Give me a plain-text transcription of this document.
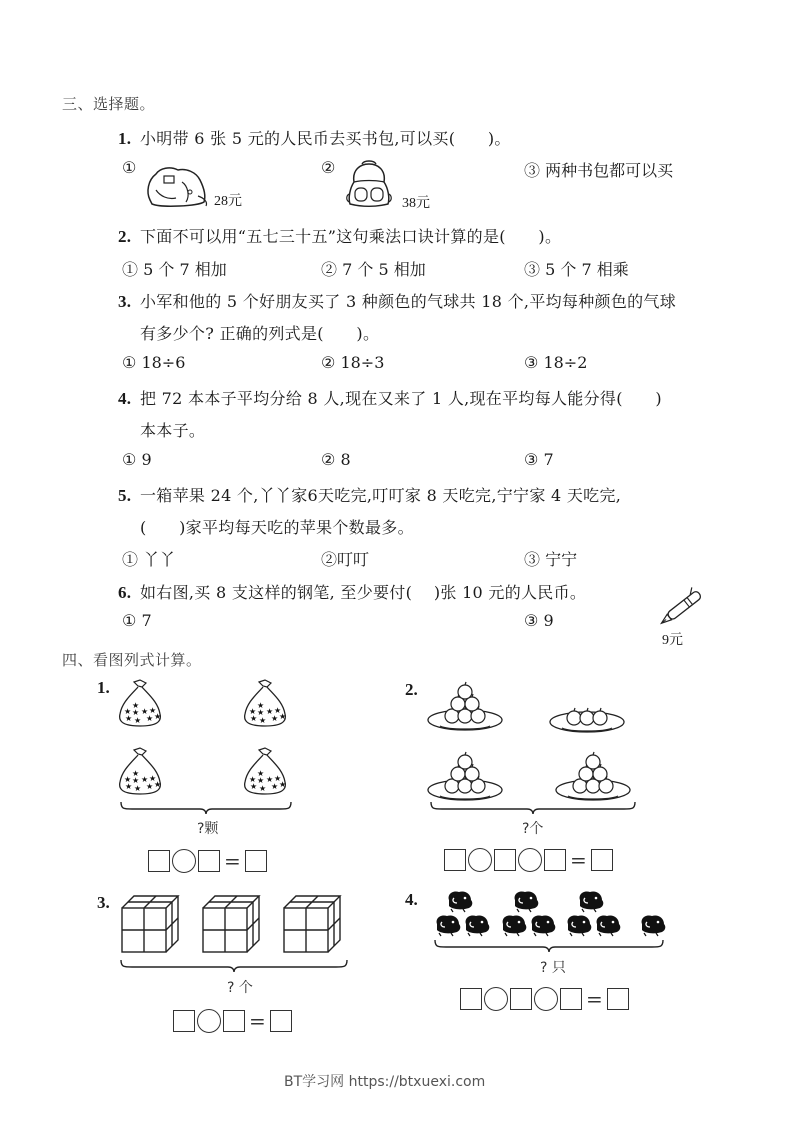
三、选择题。
1. 小明带 6 张 5 元的人民币去买书包,可以买(　　)。
①
28元
②
38元
③ 两种书包都可以买
2. 下面不可以用“五七三十五”这句乘法口诀计算的是(　　)。
① 5 个 7 相加	② 7 个 5 相加	③ 5 个 7 相乘
3. 小军和他的 5 个好朋友买了 3 种颜色的气球共 18 个,平均每种颜色的气球
有多少个? 正确的列式是(　　)。
① 18÷6	② 18÷3	③ 18÷2
4. 把 72 本本子平均分给 8 人,现在又来了 1 人,现在平均每人能分得(　　)
本本子。
① 9	② 8	③ 7
5. 一箱苹果 24 个,丫丫家6天吃完,叮叮家 8 天吃完,宁宁家 4 天吃完,
(　　)家平均每天吃的苹果个数最多。
① 丫丫	②叮叮	③ 宁宁
6. 如右图,买 8 支这样的钢笔, 至少要付(　 )张 10 元的人民币。
① 7	③ 9
9元
四、看图列式计算。
1.
?颗
=
2.
?个
=
3.
? 个
=
4.
? 只
=
BT学习网 https://btxuexi.com
